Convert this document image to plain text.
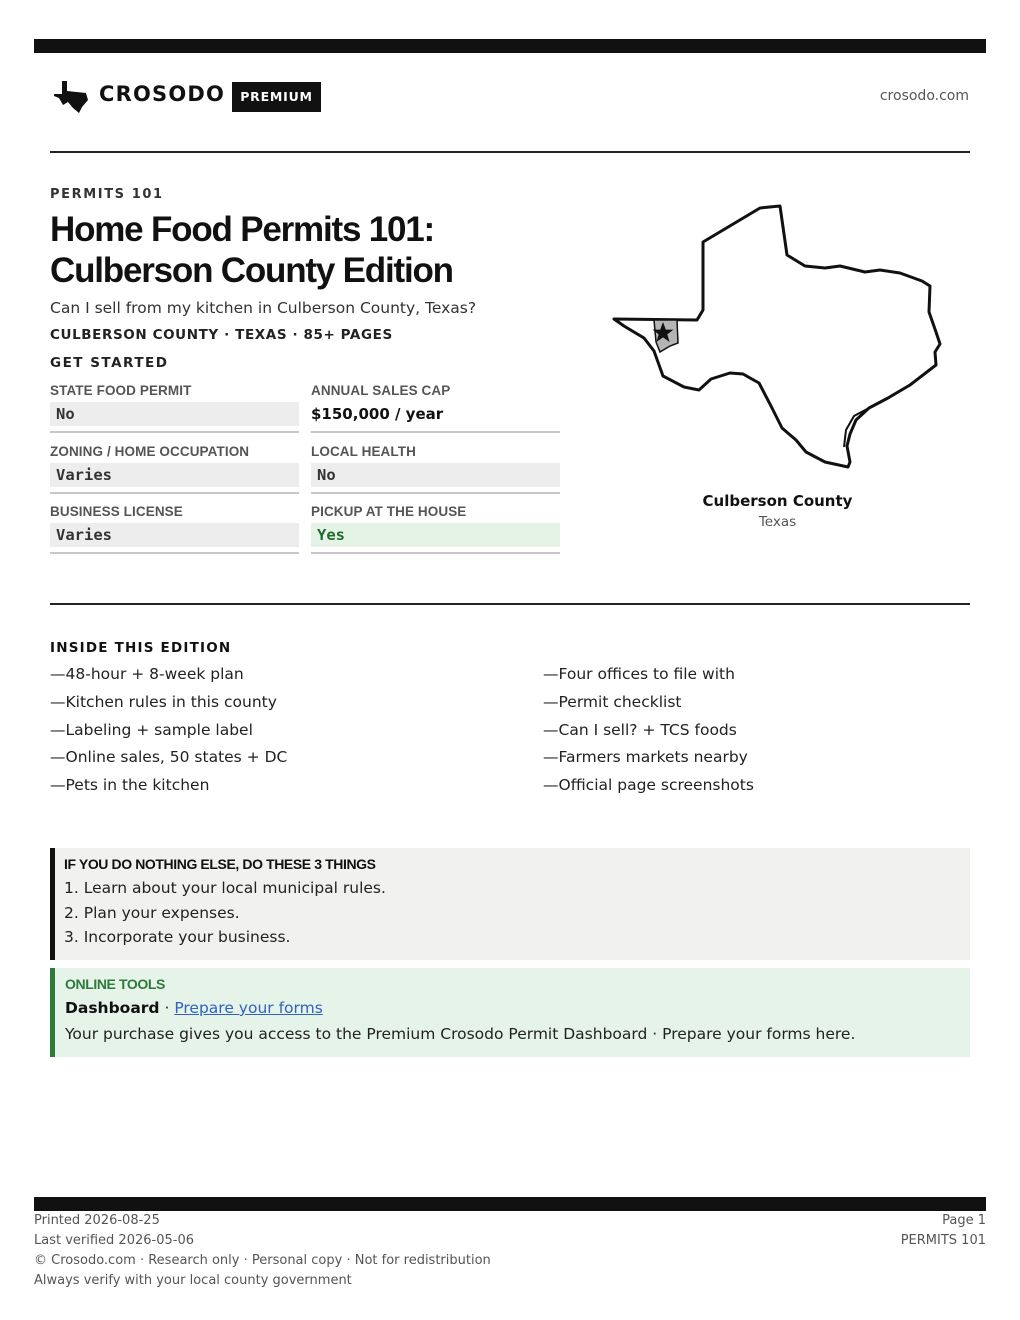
CROSODO	PREMIUM	crosodo.com
PERMITS 101
Home Food Permits 101:
Culberson County Edition
Can I sell from my kitchen in Culberson County, Texas?
CULBERSON COUNTY · TEXAS · 85+ PAGES
GET STARTED
STATE FOOD PERMIT
No
ANNUAL SALES CAP
$150,000 / year
ZONING / HOME OCCUPATION
Varies
LOCAL HEALTH
No
BUSINESS LICENSE
Varies
PICKUP AT THE HOUSE
Yes
Culberson County
Texas
INSIDE THIS EDITION
—48-hour + 8-week plan
—Kitchen rules in this county
—Labeling + sample label
—Online sales, 50 states + DC
—Pets in the kitchen
—Four offices to file with
—Permit checklist
—Can I sell? + TCS foods
—Farmers markets nearby
—Official page screenshots
IF YOU DO NOTHING ELSE, DO THESE 3 THINGS
1. Learn about your local municipal rules.
2. Plan your expenses.
3. Incorporate your business.
ONLINE TOOLS
Dashboard · Prepare your forms
Your purchase gives you access to the Premium Crosodo Permit Dashboard · Prepare your forms here.
Printed 2026-08-25
Last verified 2026-05-06
© Crosodo.com · Research only · Personal copy · Not for redistribution
Always verify with your local county government
Page 1
PERMITS 101
